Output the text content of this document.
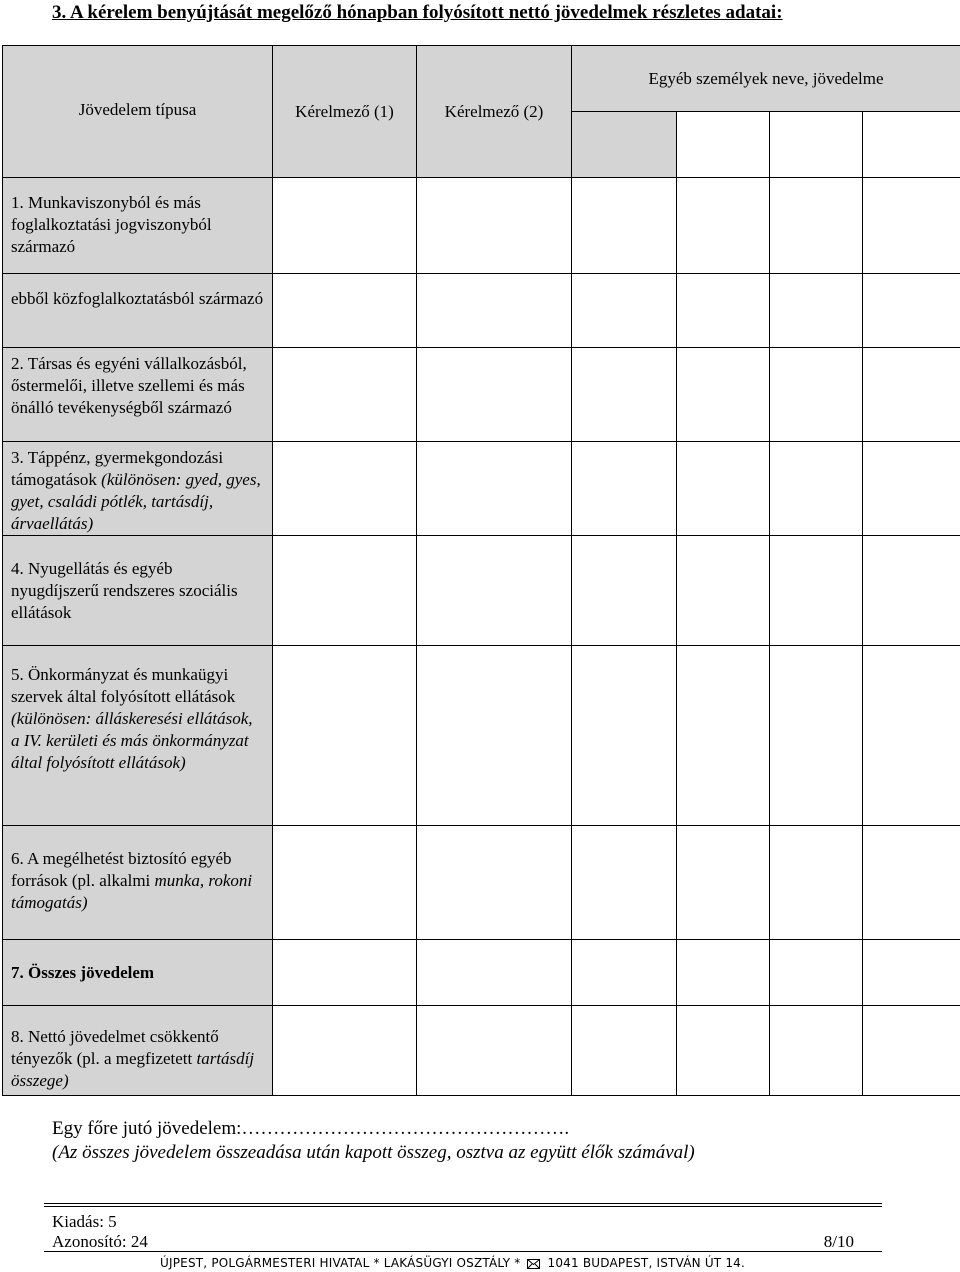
3. A kérelem benyújtását megelőző hónapban folyósított nettó jövedelmek részletes adatai:
Jövedelem típusa	Kérelmező (1)	Kérelmező (2)	Egyéb személyek neve, jövedelme			

1. Munkaviszonyból és más foglalkoztatási jogviszonyból származó						
ebből közfoglalkoztatásból származó						
2. Társas és egyéni vállalkozásból, őstermelői, illetve szellemi és más önálló tevékenységből származó						
3. Táppénz, gyermekgondozási támogatások (különösen: gyed, gyes, gyet, családi pótlék, tartásdíj, árvaellátás)						
4. Nyugellátás és egyéb nyugdíjszerű rendszeres szociális ellátások						
5. Önkormányzat és munkaügyi szervek által folyósított ellátások (különösen: álláskeresési ellátások, a IV. kerületi és más önkormányzat által folyósított ellátások)						
6. A megélhetést biztosító egyéb források (pl. alkalmi munka, rokoni támogatás)						
7. Összes jövedelem						
8. Nettó jövedelmet csökkentő tényezők (pl. a megfizetett tartásdíj összege)						
Egy főre jutó jövedelem:…………………………………………….
(Az összes jövedelem összeadása után kapott összeg, osztva az együtt élők számával)
Kiadás: 5
Azonosító: 24	8/10
ÚJPEST, POLGÁRMESTERI HIVATAL * LAKÁSÜGYI OSZTÁLY * 1041 BUDAPEST, ISTVÁN ÚT 14.
